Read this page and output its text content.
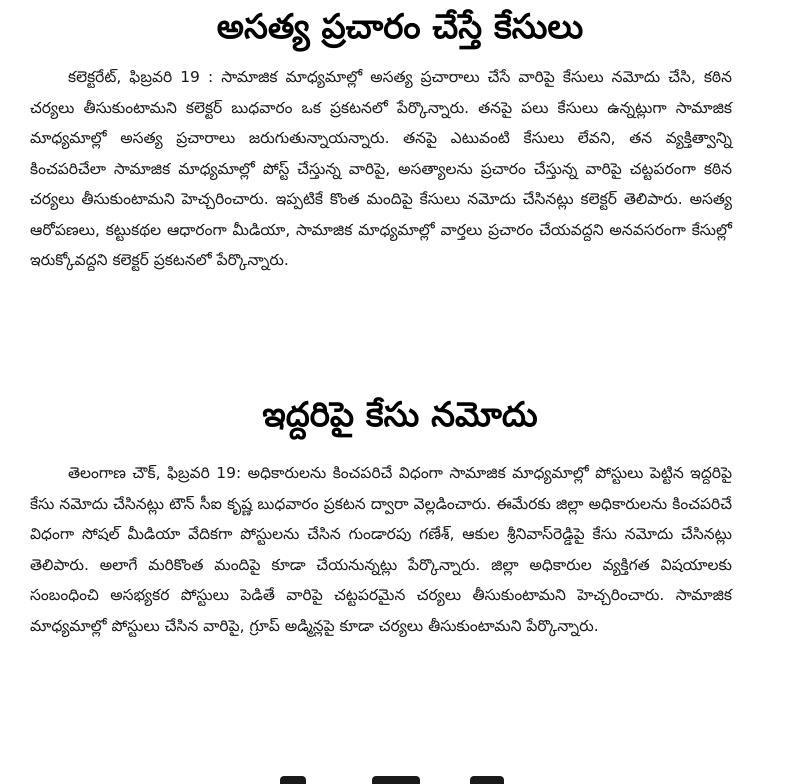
అసత్య ప్రచారం చేస్తే కేసులు

కలెక్టరేట్, ఫిబ్రవరి 19 : సామాజిక మాధ్యమాల్లో అసత్య ప్రచారాలు చేసే వారిపై కేసులు నమోదు చేసి, కఠిన చర్యలు తీసుకుంటామని కలెక్టర్ బుధవారం ఒక ప్రకటనలో పేర్కొన్నారు. తనపై పలు కేసులు ఉన్నట్లుగా సామాజిక మాధ్యమాల్లో అసత్య ప్రచారాలు జరుగుతున్నాయన్నారు. తనపై ఎటువంటి కేసులు లేవని, తన వ్యక్తిత్వాన్ని కించపరిచేలా సామాజిక మాధ్యమాల్లో పోస్ట్ చేస్తున్న వారిపై, అసత్యాలను ప్రచారం చేస్తున్న వారిపై చట్టపరంగా కఠిన చర్యలు తీసుకుంటామని హెచ్చరించారు. ఇప్పటికే కొంత మందిపై కేసులు నమోదు చేసినట్లు కలెక్టర్ తెలిపారు. అసత్య ఆరోపణలు, కట్టుకథల ఆధారంగా మీడియా, సామాజిక మాధ్యమాల్లో వార్తలు ప్రచారం చేయవద్దని అనవసరంగా కేసుల్లో ఇరుక్కోవద్దని కలెక్టర్ ప్రకటనలో పేర్కొన్నారు.

ఇద్దరిపై కేసు నమోదు

తెలంగాణ చౌక్, ఫిబ్రవరి 19: అధికారులను కించపరిచే విధంగా సామాజిక మాధ్యమాల్లో పోస్టులు పెట్టిన ఇద్దరిపై కేసు నమోదు చేసినట్లు టౌన్ సీఐ కృష్ణ బుధవారం ప్రకటన ద్వారా వెల్లడించారు. ఈమేరకు జిల్లా అధికారులను కించపరిచే విధంగా సోషల్ మీడియా వేదికగా పోస్టులను చేసిన గుండారపు గణేశ్, ఆకుల శ్రీనివాస్‌రెడ్డిపై కేసు నమోదు చేసినట్లు తెలిపారు. అలాగే మరికొంత మందిపై కూడా చేయనున్నట్లు పేర్కొన్నారు. జిల్లా అధికారుల వ్యక్తిగత విషయాలకు సంబంధించి అసభ్యకర పోస్టులు పెడితే వారిపై చట్టపరమైన చర్యలు తీసుకుంటామని హెచ్చరించారు. సామాజిక మాధ్యమాల్లో పోస్టులు చేసిన వారిపై, గ్రూప్ అడ్మిన్లపై కూడా చర్యలు తీసుకుంటామని పేర్కొన్నారు.
